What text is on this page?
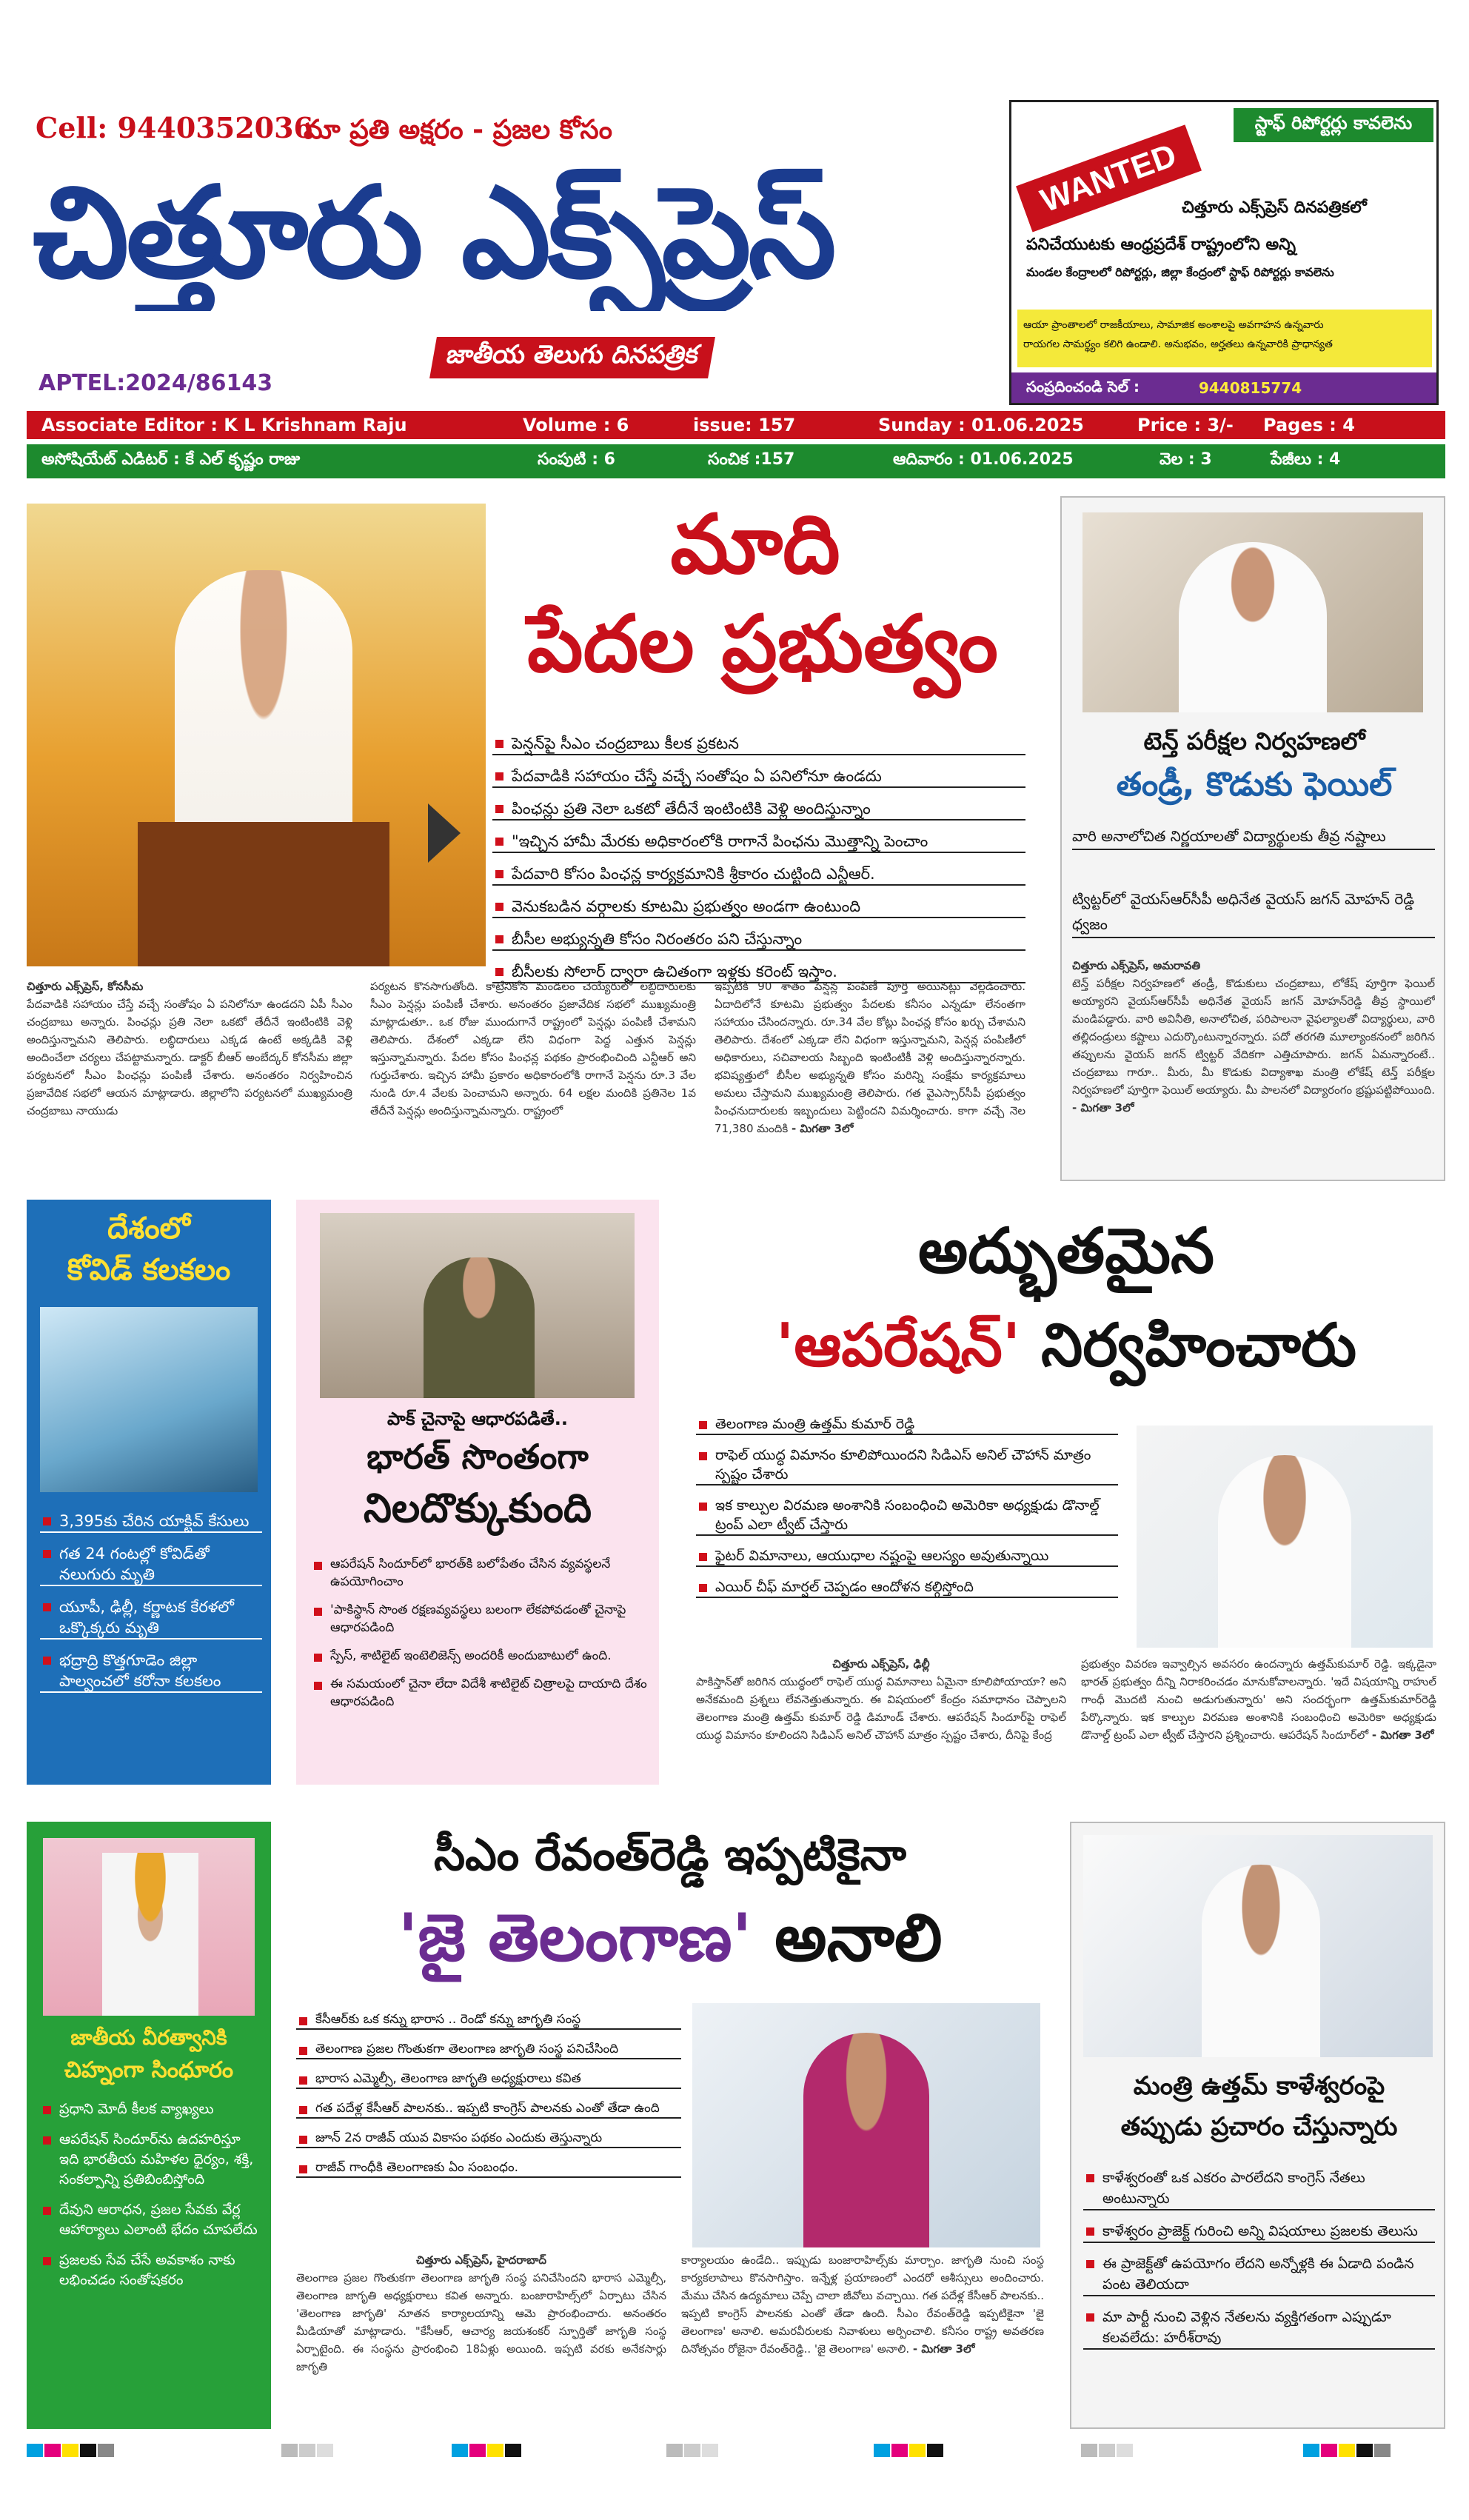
Cell: 9440352036
మా ప్రతి అక్షరం - ప్రజల కోసం
చిత్తూరు ఎక్స్‌ప్రెస్
జాతీయ తెలుగు దినపత్రిక
APTEL:2024/86143
స్టాఫ్ రిపోర్టర్లు కావలెను
WANTED చిత్తూరు ఎక్స్‌ప్రెస్ దినపత్రికలో
పనిచేయుటకు ఆంధ్రప్రదేశ్ రాష్ట్రంలోని అన్ని
మండల కేంద్రాలలో రిపోర్టర్లు, జిల్లా కేంద్రంలో స్టాఫ్ రిపోర్టర్లు కావలెను
ఆయా ప్రాంతాలలో రాజకీయాలు, సామాజిక అంశాలపై అవగాహన ఉన్నవారు
రాయగల సామర్థ్యం కలిగి ఉండాలి. అనుభవం, అర్హతలు ఉన్నవారికి ప్రాధాన్యత
సంప్రదించండి సెల్ :	9440815774
Associate Editor : K L Krishnam Raju	Volume : 6	issue: 157	Sunday : 01.06.2025	Price : 3/-	Pages : 4
అసోషియేట్ ఎడిటర్ : కే ఎల్ కృష్ణం రాజు	సంపుటి : 6	సంచిక :157	ఆదివారం : 01.06.2025	వెల : 3	పేజీలు : 4
మాది
పేదల ప్రభుత్వం
పెన్షన్‌పై సీఎం చంద్రబాబు కీలక ప్రకటన
పేదవాడికి సహాయం చేస్తే వచ్చే సంతోషం ఏ పనిలోనూ ఉండదు
పింఛన్లు ప్రతి నెలా ఒకటో తేదీనే ఇంటింటికి వెళ్లి అందిస్తున్నాం
"ఇచ్చిన హామీ మేరకు అధికారంలోకి రాగానే పింఛను మొత్తాన్ని పెంచాం
పేదవారి కోసం పింఛన్ల కార్యక్రమానికి శ్రీకారం చుట్టింది ఎన్టీఆర్.
వెనుకబడిన వర్గాలకు కూటమి ప్రభుత్వం అండగా ఉంటుంది
బీసీల అభ్యున్నతి కోసం నిరంతరం పని చేస్తున్నాం
బీసీలకు సోలార్ ద్వారా ఉచితంగా ఇళ్లకు కరెంట్ ఇస్తాం.
చిత్తూరు ఎక్స్‌ప్రెస్, కోనసీమ
పేదవాడికి సహాయం చేస్తే వచ్చే సంతోషం ఏ పనిలోనూ ఉండదని ఏపీ సీఎం చంద్రబాబు అన్నారు. పింఛన్లు ప్రతి నెలా ఒకటో తేదీనే ఇంటింటికి వెళ్లి అందిస్తున్నామని తెలిపారు. లబ్ధిదారులు ఎక్కడ ఉంటే అక్కడికి వెళ్లి అందించేలా చర్యలు చేపట్టామన్నారు. డాక్టర్ బీఆర్ అంబేద్కర్ కోనసీమ జిల్లా పర్యటనలో సీఎం పింఛన్లు పంపిణీ చేశారు. అనంతరం నిర్వహించిన ప్రజావేదిక సభలో ఆయన మాట్లాడారు. జిల్లాలోని పర్యటనలో ముఖ్యమంత్రి చంద్రబాబు నాయుడు
పర్యటన కొనసాగుతోంది. కాట్రేనికోన మండలం చెయ్యేరులో లబ్ధిదారులకు సీఎం పెన్షన్లు పంపిణీ చేశారు. అనంతరం ప్రజావేదిక సభలో ముఖ్యమంత్రి మాట్లాడుతూ.. ఒక రోజు ముందుగానే రాష్ట్రంలో పెన్షన్లు పంపిణీ చేశామని తెలిపారు. దేశంలో ఎక్కడా లేని విధంగా పెద్ద ఎత్తున పెన్షన్లు ఇస్తున్నామన్నారు. పేదల కోసం పింఛన్ల పథకం ప్రారంభించింది ఎన్టీఆర్ అని గుర్తుచేశారు. ఇచ్చిన హామీ ప్రకారం అధికారంలోకి రాగానే పెన్షను రూ.3 వేల నుండి రూ.4 వేలకు పెంచామని అన్నారు. 64 లక్షల మందికి ప్రతినెల 1వ తేదీనే పెన్షన్లు అందిస్తున్నామన్నారు. రాష్ట్రంలో
ఇప్పటికి 90 శాతం పెన్షన్ల పంపిణీ పూర్తి అయినట్లు వెల్లడించారు. ఏదాదిలోనే కూటమి ప్రభుత్వం పేదలకు కనీసం ఎన్నడూ లేనంతగా సహాయం చేసిందన్నారు. రూ.34 వేల కోట్లు పింఛన్ల కోసం ఖర్చు చేశామని తెలిపారు. దేశంలో ఎక్కడా లేని విధంగా ఇస్తున్నామని, పెన్షన్ల పంపిణీలో అధికారులు, సచివాలయ సిబ్బంది ఇంటింటికీ వెళ్లి అందిస్తున్నారన్నారు. భవిష్యత్తులో బీసీల అభ్యున్నతి కోసం మరిన్ని సంక్షేమ కార్యక్రమాలు అమలు చేస్తామని ముఖ్యమంత్రి తెలిపారు. గత వైఎస్సార్‌సీపీ ప్రభుత్వం పింఛనుదారులకు ఇబ్బందులు పెట్టిందని విమర్శించారు. కాగా వచ్చే నెల 71,380 మందికి - మిగతా 3లో
టెన్త్ పరీక్షల నిర్వహణలో
తండ్రీ, కొడుకు ఫెయిల్
వారి అనాలోచిత నిర్ణయాలతో విద్యార్థులకు తీవ్ర నష్టాలు
ట్విట్టర్‌లో వైయస్ఆర్‌సీపీ అధినేత వైయస్ జగన్ మోహన్ రెడ్డి ధ్వజం
చిత్తూరు ఎక్స్‌ప్రెస్, అమరావతి
టెన్త్ పరీక్షల నిర్వహణలో తండ్రీ, కొడుకులు చంద్రబాబు, లోకేష్ పూర్తిగా ఫెయిల్ అయ్యారని వైయస్ఆర్‌సీపీ అధినేత వైయస్ జగన్ మోహన్‌రెడ్డి తీవ్ర స్థాయిలో మండిపడ్డారు. వారి అవినీతి, అనాలోచిత, పరిపాలనా వైఫల్యాలతో విద్యార్థులు, వారి తల్లిదండ్రులు కష్టాలు ఎదుర్కొంటున్నారన్నారు. పదో తరగతి మూల్యాంకనంలో జరిగిన తప్పులను వైయస్ జగన్ ట్విట్టర్ వేదికగా ఎత్తిచూపారు. జగన్ ఏమన్నారంటే.. చంద్రబాబు గారూ.. మీరు, మీ కొడుకు విద్యాశాఖ మంత్రి లోకేష్ టెన్త్ పరీక్షల నిర్వహణలో పూర్తిగా ఫెయిల్ అయ్యారు. మీ పాలనలో విద్యారంగం భ్రష్టుపట్టిపోయింది. - మిగతా 3లో
దేశంలో
కోవిడ్ కలకలం
3,395కు చేరిన యాక్టివ్ కేసులు
గత 24 గంటల్లో కోవిడ్‌తో నలుగురు మృతి
యూపీ, ఢిల్లీ, కర్ణాటక కేరళలో ఒక్కొక్కరు మృతి
భద్రాద్రి కొత్తగూడెం జిల్లా పాల్వంచలో కరోనా కలకలం
పాక్ చైనాపై ఆధారపడితే..
భారత్ సొంతంగా
నిలదొక్కుకుంది
ఆపరేషన్ సిందూర్‌లో భారత్‌కి బలోపేతం చేసిన వ్యవస్థలనే ఉపయోగించాం
'పాకిస్థాన్ సొంత రక్షణవ్యవస్థలు బలంగా లేకపోవడంతో చైనాపై ఆధారపడింది
స్పేస్, శాటిలైట్ ఇంటెలిజెన్స్ అందరికీ అందుబాటులో ఉంది.
ఈ సమయంలో చైనా లేదా విదేశీ శాటిలైట్ చిత్రాలపై దాయాది దేశం ఆధారపడింది
అద్భుతమైన
'ఆపరేషన్' నిర్వహించారు
తెలంగాణ మంత్రి ఉత్తమ్ కుమార్ రెడ్డి
రాఫెల్ యుద్ధ విమానం కూలిపోయిందని సిడిఎస్ అనిల్ చౌహాన్ మాత్రం స్పష్టం చేశారు
ఇక కాల్పుల విరమణ అంశానికి సంబంధించి అమెరికా అధ్యక్షుడు డొనాల్డ్ ట్రంప్ ఎలా ట్వీట్ చేస్తారు
ఫైటర్ విమానాలు, ఆయుధాల నష్టంపై ఆలస్యం అవుతున్నాయి
ఎయిర్ చీఫ్ మార్షల్ చెప్పడం ఆందోళన కల్గిస్తోంది
చిత్తూరు ఎక్స్‌ప్రెస్, ఢిల్లీ
పాకిస్తాన్‌తో జరిగిన యుద్ధంలో రాఫెల్ యుద్ధ విమానాలు ఏమైనా కూలిపోయాయా? అని అనేకమంది ప్రశ్నలు లేవనెత్తుతున్నారు. ఈ విషయంలో కేంద్రం సమాధానం చెప్పాలని తెలంగాణ మంత్రి ఉత్తమ్ కుమార్ రెడ్డి డిమాండ్ చేశారు. ఆపరేషన్ సిందూర్‌పై రాఫెల్ యుద్ధ విమానం కూలిందని సిడిఎస్ అనిల్ చౌహాన్ మాత్రం స్పష్టం చేశారు, దీనిపై కేంద్ర
ప్రభుత్వం వివరణ ఇవ్వాల్సిన అవసరం ఉందన్నారు ఉత్తమ్‌కుమార్ రెడ్డి. ఇక్కడైనా భారత్ ప్రభుత్వం దీన్ని నిరాకరించడం మానుకోవాలన్నారు. 'ఇదే విషయాన్ని రాహుల్ గాంధీ మొదటి నుంచి అడుగుతున్నారు' అని సందర్భంగా ఉత్తమ్‌కుమార్‌రెడ్డి పేర్కొన్నారు. ఇక కాల్పుల విరమణ అంశానికి సంబంధించి అమెరికా అధ్యక్షుడు డొనాల్డ్ ట్రంప్ ఎలా ట్వీట్ చేస్తారని ప్రశ్నించారు. ఆపరేషన్ సిందూర్‌లో - మిగతా 3లో
జాతీయ వీరత్వానికి
చిహ్నంగా సింధూరం
ప్రధాని మోదీ కీలక వ్యాఖ్యలు
ఆపరేషన్ సిందూర్‌ను ఉదహరిస్తూ ఇది భారతీయ మహిళల ధైర్యం, శక్తి, సంకల్పాన్ని ప్రతిబింబిస్తోంది
దేవుని ఆరాధన, ప్రజల సేవకు వేర్ల ఆహార్యాలు ఎలాంటి భేదం చూపలేదు
ప్రజలకు సేవ చేసే అవకాశం నాకు లభించడం సంతోషకరం
సీఎం రేవంత్‌రెడ్డి ఇప్పటికైనా
'జై తెలంగాణ' అనాలి
కేసీఆర్‌కు ఒక కన్ను భారాస .. రెండో కన్ను జాగృతి సంస్థ
తెలంగాణ ప్రజల గొంతుకగా తెలంగాణ జాగృతి సంస్థ పనిచేసింది
భారాస ఎమ్మెల్సీ, తెలంగాణ జాగృతి అధ్యక్షురాలు కవిత
గత పదేళ్ల కేసీఆర్ పాలనకు.. ఇప్పటి కాంగ్రెస్ పాలనకు ఎంతో తేడా ఉంది
జూన్ 2న రాజీవ్ యువ వికాసం పథకం ఎందుకు తెస్తున్నారు
రాజీవ్ గాంధీకి తెలంగాణకు ఏం సంబంధం.
చిత్తూరు ఎక్స్‌ప్రెస్, హైదరాబాద్
తెలంగాణ ప్రజల గొంతుకగా తెలంగాణ జాగృతి సంస్థ పనిచేసిందని భారాస ఎమ్మెల్సీ, తెలంగాణ జాగృతి అధ్యక్షురాలు కవిత అన్నారు. బంజారాహిల్స్‌లో ఏర్పాటు చేసిన 'తెలంగాణ జాగృతి' నూతన కార్యాలయాన్ని ఆమె ప్రారంభించారు. అనంతరం మీడియాతో మాట్లాడారు. "కేసీఆర్, ఆచార్య జయశంకర్ స్ఫూర్తితో జాగృతి సంస్థ ఏర్పాటైంది. ఈ సంస్థను ప్రారంభించి 18ఏళ్లు అయింది. ఇప్పటి వరకు అనేకసార్లు జాగృతి
కార్యాలయం ఉండేది.. ఇప్పుడు బంజారాహిల్స్‌కు మార్చాం. జాగృతి నుంచి సంస్థ కార్యకలాపాలు కొనసాగిస్తాం. ఇన్నేళ్ల ప్రయాణంలో ఎందరో ఆశీస్సులు అందించారు. మేము చేసిన ఉద్యమాలు చెప్పే చాలా జీవోలు వచ్చాయి. గత పదేళ్ల కేసీఆర్ పాలనకు.. ఇప్పటి కాంగ్రెస్ పాలనకు ఎంతో తేడా ఉంది. సీఎం రేవంత్‌రెడ్డి ఇప్పటికైనా 'జై తెలంగాణ' అనాలి. అమరవీరులకు నివాళులు అర్పించాలి. కనీసం రాష్ట్ర అవతరణ దినోత్సవం రోజైనా రేవంత్‌రెడ్డి.. 'జై తెలంగాణ' అనాలి. - మిగతా 3లో
మంత్రి ఉత్తమ్ కాళేశ్వరంపై
తప్పుడు ప్రచారం చేస్తున్నారు
కాళేశ్వరంతో ఒక ఎకరం పారలేదని కాంగ్రెస్ నేతలు అంటున్నారు
కాళేశ్వరం ప్రాజెక్ట్ గురించి అన్ని విషయాలు ప్రజలకు తెలుసు
ఈ ప్రాజెక్ట్‌తో ఉపయోగం లేదని అన్నోళ్లకి ఈ ఏడాది పండిన పంట తెలియదా
మా పార్టీ నుంచి వెళ్లిన నేతలను వ్యక్తిగతంగా ఎప్పుడూ కలవలేదు: హరీశ్‌రావు
